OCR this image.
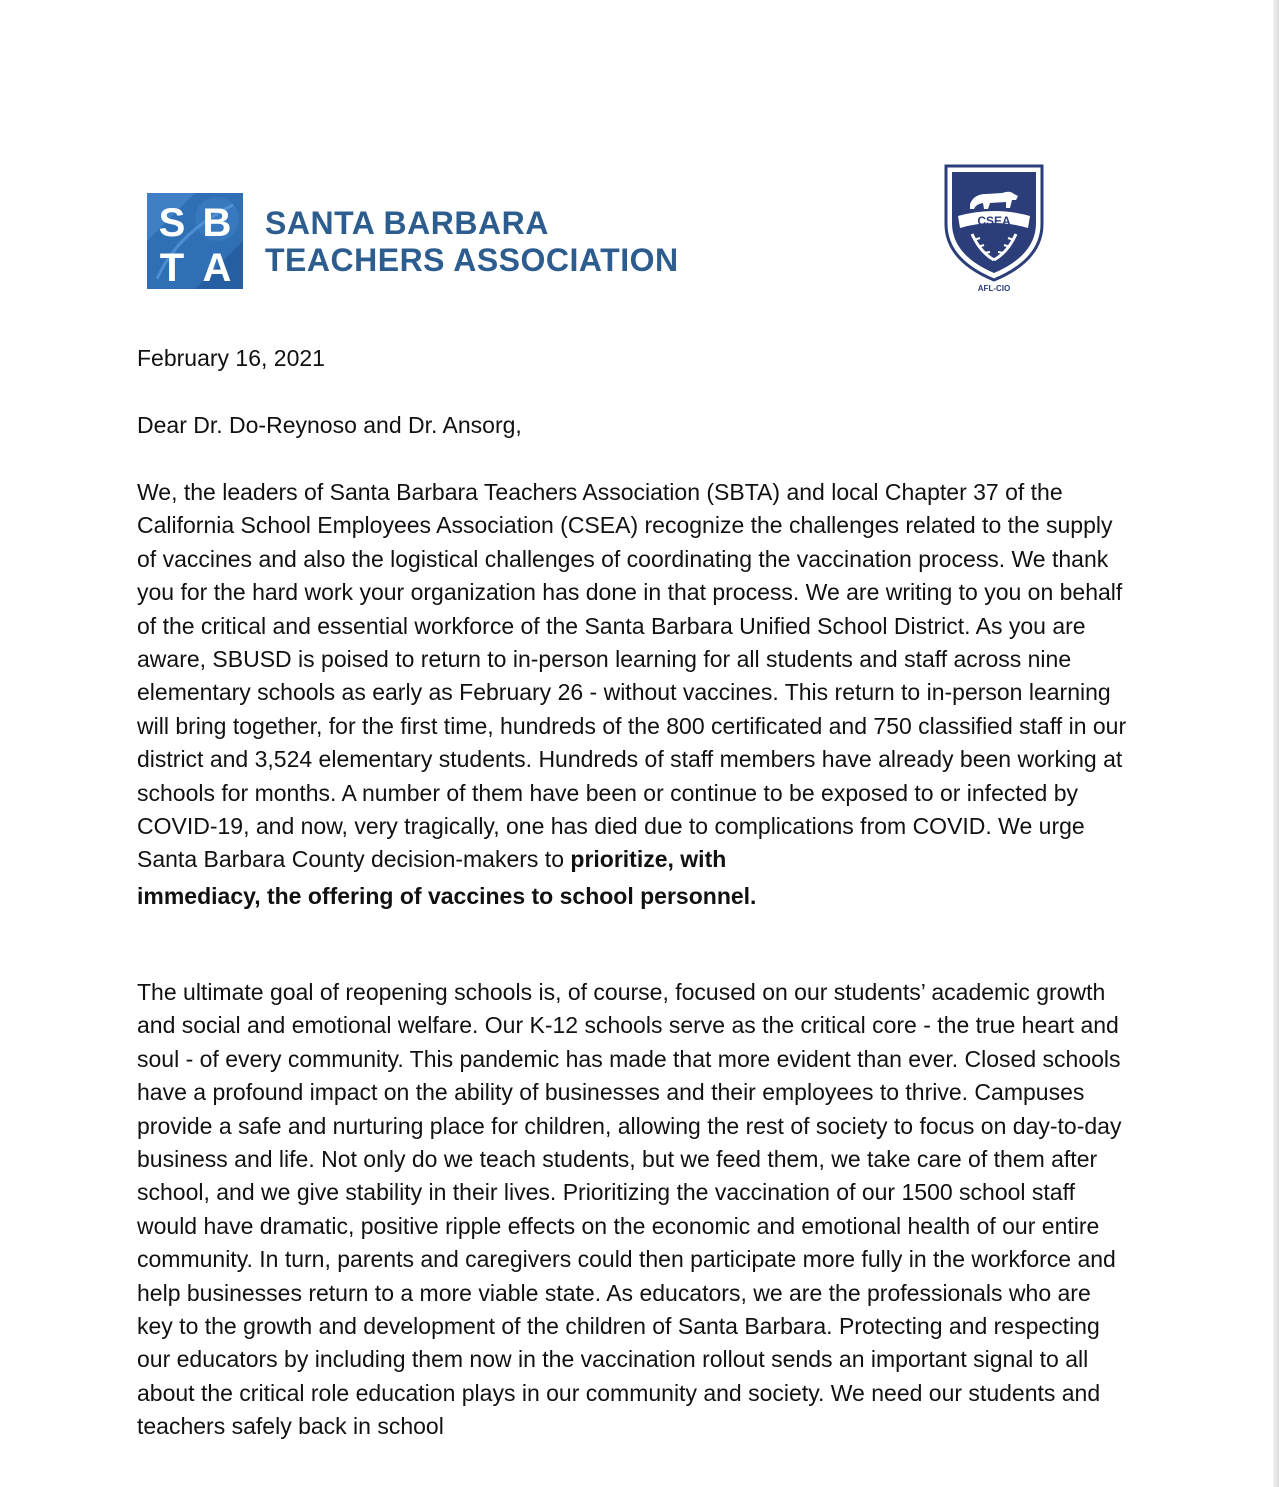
S B
T A
SANTA BARBARA
TEACHERS ASSOCIATION
CSEA
AFL-CIO
February 16, 2021
Dear Dr. Do-Reynoso and Dr. Ansorg,

We, the leaders of Santa Barbara Teachers Association (SBTA) and local Chapter 37 of the California School Employees Association (CSEA) recognize the challenges related to the supply of vaccines and also the logistical challenges of coordinating the vaccination process. We thank you for the hard work your organization has done in that process. We are writing to you on behalf of the critical and essential workforce of the Santa Barbara Unified School District. As you are aware, SBUSD is poised to return to in-person learning for all students and staff across nine elementary schools as early as February 26 - without vaccines. This return to in-person learning will bring together, for the first time, hundreds of the 800 certificated and 750 classified staff in our district and 3,524 elementary students. Hundreds of staff members have already been working at schools for months. A number of them have been or continue to be exposed to or infected by COVID-19, and now, very tragically, one has died due to complications from COVID. We urge Santa Barbara County decision-makers to prioritize, with
immediacy, the offering of vaccines to school personnel.

The ultimate goal of reopening schools is, of course, focused on our students’ academic growth and social and emotional welfare. Our K-12 schools serve as the critical core - the true heart and soul - of every community. This pandemic has made that more evident than ever. Closed schools have a profound impact on the ability of businesses and their employees to thrive. Campuses provide a safe and nurturing place for children, allowing the rest of society to focus on day-to-day business and life. Not only do we teach students, but we feed them, we take care of them after school, and we give stability in their lives. Prioritizing the vaccination of our 1500 school staff would have dramatic, positive ripple effects on the economic and emotional health of our entire community. In turn, parents and caregivers could then participate more fully in the workforce and help businesses return to a more viable state. As educators, we are the professionals who are key to the growth and development of the children of Santa Barbara. Protecting and respecting our educators by including them now in the vaccination rollout sends an important signal to all about the critical role education plays in our community and society. We need our students and teachers safely back in school
